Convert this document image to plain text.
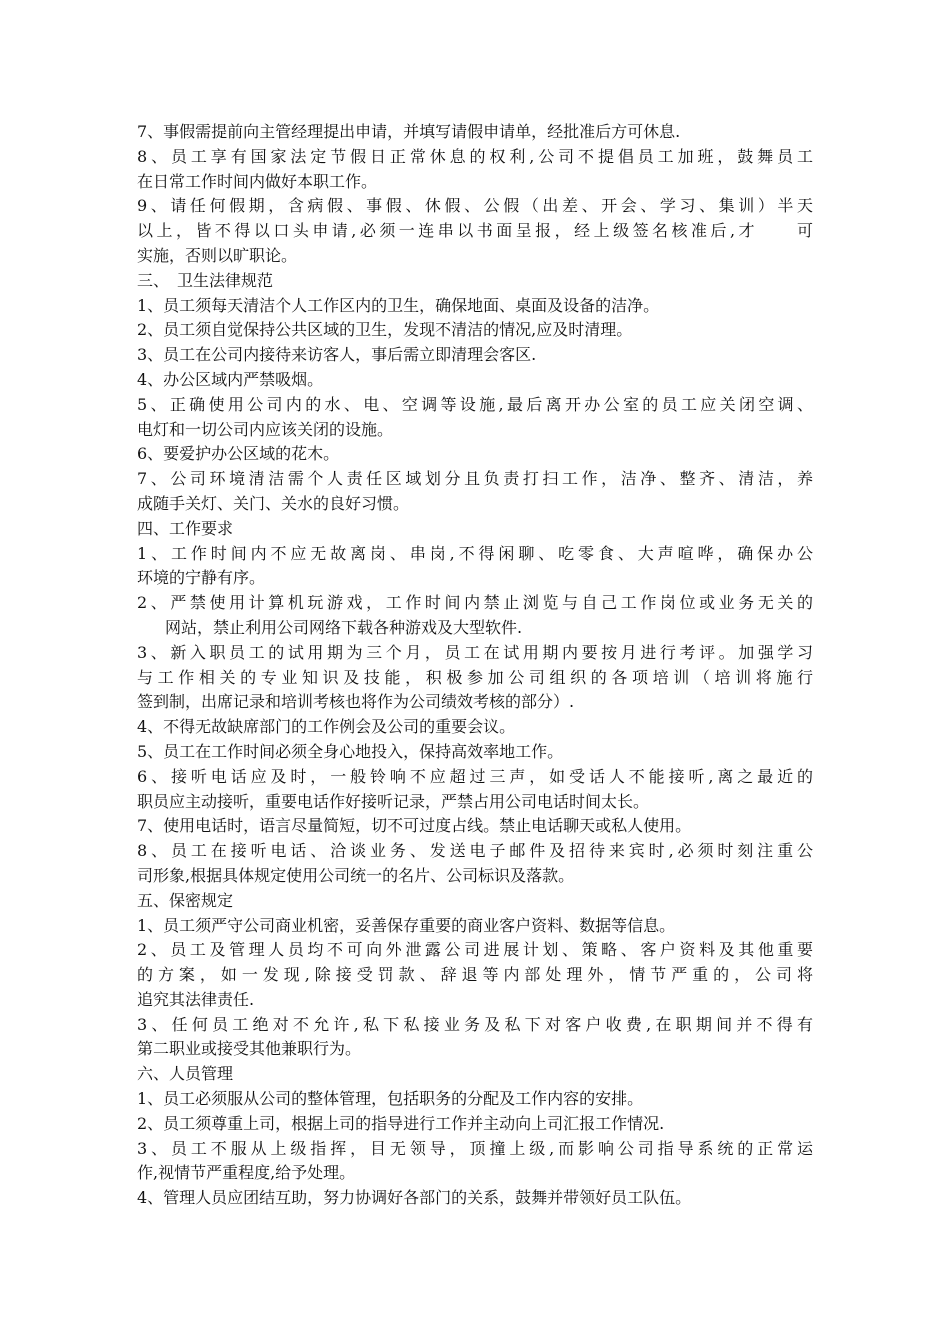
7、事假需提前向主管经理提出申请，并填写请假申请单，经批准后方可休息.
8、员工享有国家法定节假日正常休息的权利,公司不提倡员工加班，鼓舞员工
在日常工作时间内做好本职工作。
9、请任何假期，含病假、事假、休假、公假（出差、开会、学习、集训）半天
以上，皆不得以口头申请,必须一连串以书面呈报，经上级签名核准后,才　　可
实施，否则以旷职论。
三、　卫生法律规范
1、员工须每天清洁个人工作区内的卫生，确保地面、桌面及设备的洁净。
2、员工须自觉保持公共区域的卫生，发现不清洁的情况,应及时清理。
3、员工在公司内接待来访客人，事后需立即清理会客区.
4、办公区域内严禁吸烟。
5、正确使用公司内的水、电、空调等设施,最后离开办公室的员工应关闭空调、
电灯和一切公司内应该关闭的设施。
6、要爱护办公区域的花木。
7、公司环境清洁需个人责任区域划分且负责打扫工作，洁净、整齐、清洁，养
成随手关灯、关门、关水的良好习惯。
四、工作要求
1、工作时间内不应无故离岗、串岗,不得闲聊、吃零食、大声喧哗，确保办公
环境的宁静有序。
2、严禁使用计算机玩游戏，工作时间内禁止浏览与自己工作岗位或业务无关的
网站，禁止利用公司网络下载各种游戏及大型软件.
3、新入职员工的试用期为三个月，员工在试用期内要按月进行考评。加强学习
与工作相关的专业知识及技能，积极参加公司组织的各项培训（培训将施行
签到制，出席记录和培训考核也将作为公司绩效考核的部分）.
4、不得无故缺席部门的工作例会及公司的重要会议。
5、员工在工作时间必须全身心地投入，保持高效率地工作。
6、接听电话应及时，一般铃响不应超过三声，如受话人不能接听,离之最近的
职员应主动接听，重要电话作好接听记录，严禁占用公司电话时间太长。
7、使用电话时，语言尽量简短，切不可过度占线。禁止电话聊天或私人使用。
8、员工在接听电话、洽谈业务、发送电子邮件及招待来宾时,必须时刻注重公
司形象,根据具体规定使用公司统一的名片、公司标识及落款。
五、保密规定
1、员工须严守公司商业机密，妥善保存重要的商业客户资料、数据等信息。
2、员工及管理人员均不可向外泄露公司进展计划、策略、客户资料及其他重要
的方案，如一发现,除接受罚款、辞退等内部处理外，情节严重的，公司将
追究其法律责任.
3、任何员工绝对不允许,私下私接业务及私下对客户收费,在职期间并不得有
第二职业或接受其他兼职行为。
六、人员管理
1、员工必须服从公司的整体管理，包括职务的分配及工作内容的安排。
2、员工须尊重上司，根据上司的指导进行工作并主动向上司汇报工作情况.
3、员工不服从上级指挥，目无领导，顶撞上级,而影响公司指导系统的正常运
作,视情节严重程度,给予处理。
4、管理人员应团结互助，努力协调好各部门的关系，鼓舞并带领好员工队伍。
